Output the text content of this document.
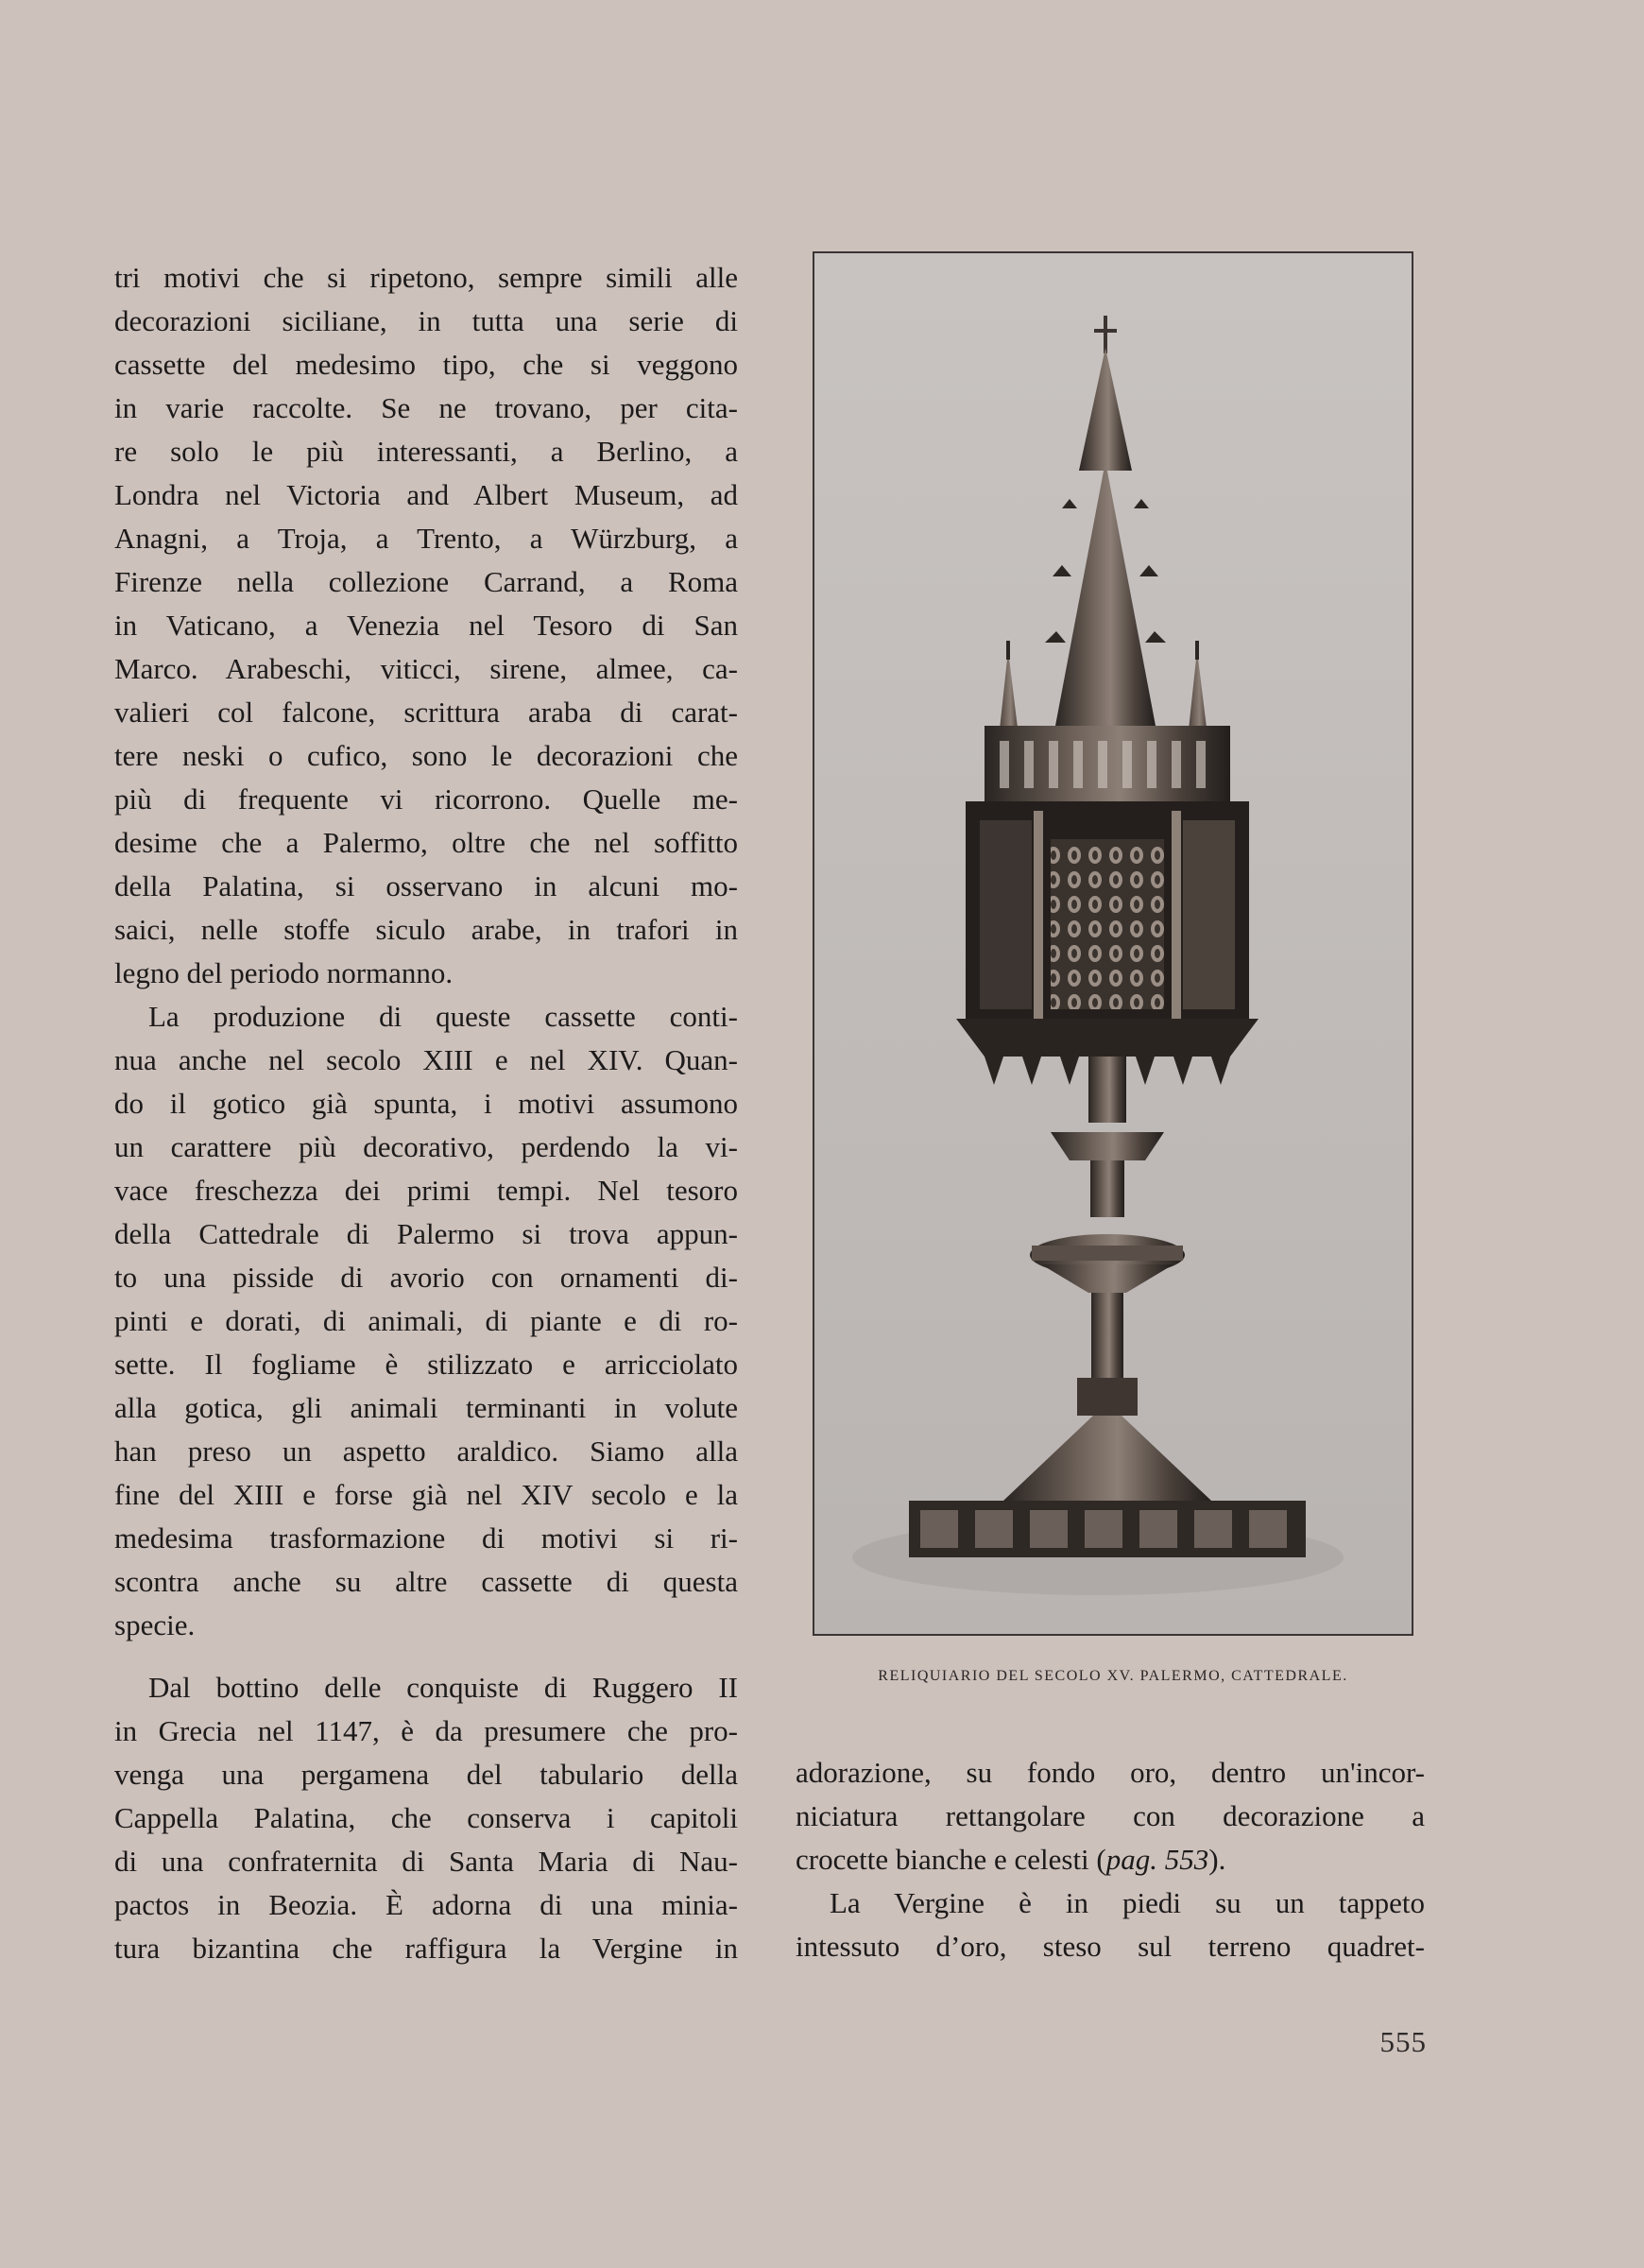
tri motivi che si ripetono, sempre simili alle
decorazioni siciliane, in tutta una serie di
cassette del medesimo tipo, che si veggono
in varie raccolte. Se ne trovano, per cita-
re solo le più interessanti, a Berlino, a
Londra nel Victoria and Albert Museum, ad
Anagni, a Troja, a Trento, a Würzburg, a
Firenze nella collezione Carrand, a Roma
in Vaticano, a Venezia nel Tesoro di San
Marco. Arabeschi, viticci, sirene, almee, ca-
valieri col falcone, scrittura araba di carat-
tere neski o cufico, sono le decorazioni che
più di frequente vi ricorrono. Quelle me-
desime che a Palermo, oltre che nel soffitto
della Palatina, si osservano in alcuni mo-
saici, nelle stoffe siculo arabe, in trafori in
legno del periodo normanno.
La produzione di queste cassette conti-
nua anche nel secolo XIII e nel XIV. Quan-
do il gotico già spunta, i motivi assumono
un carattere più decorativo, perdendo la vi-
vace freschezza dei primi tempi. Nel tesoro
della Cattedrale di Palermo si trova appun-
to una pisside di avorio con ornamenti di-
pinti e dorati, di animali, di piante e di ro-
sette. Il fogliame è stilizzato e arricciolato
alla gotica, gli animali terminanti in volute
han preso un aspetto araldico. Siamo alla
fine del XIII e forse già nel XIV secolo e la
medesima trasformazione di motivi si ri-
scontra anche su altre cassette di questa
specie.
Dal bottino delle conquiste di Ruggero II
in Grecia nel 1147, è da presumere che pro-
venga una pergamena del tabulario della
Cappella Palatina, che conserva i capitoli
di una confraternita di Santa Maria di Nau-
pactos in Beozia. È adorna di una minia-
tura bizantina che raffigura la Vergine in
RELIQUIARIO DEL SECOLO XV. PALERMO, CATTEDRALE.
adorazione, su fondo oro, dentro un'incor-
niciatura rettangolare con decorazione a
crocette bianche e celesti (pag. 553).
La Vergine è in piedi su un tappeto
intessuto d’oro, steso sul terreno quadret-
555
